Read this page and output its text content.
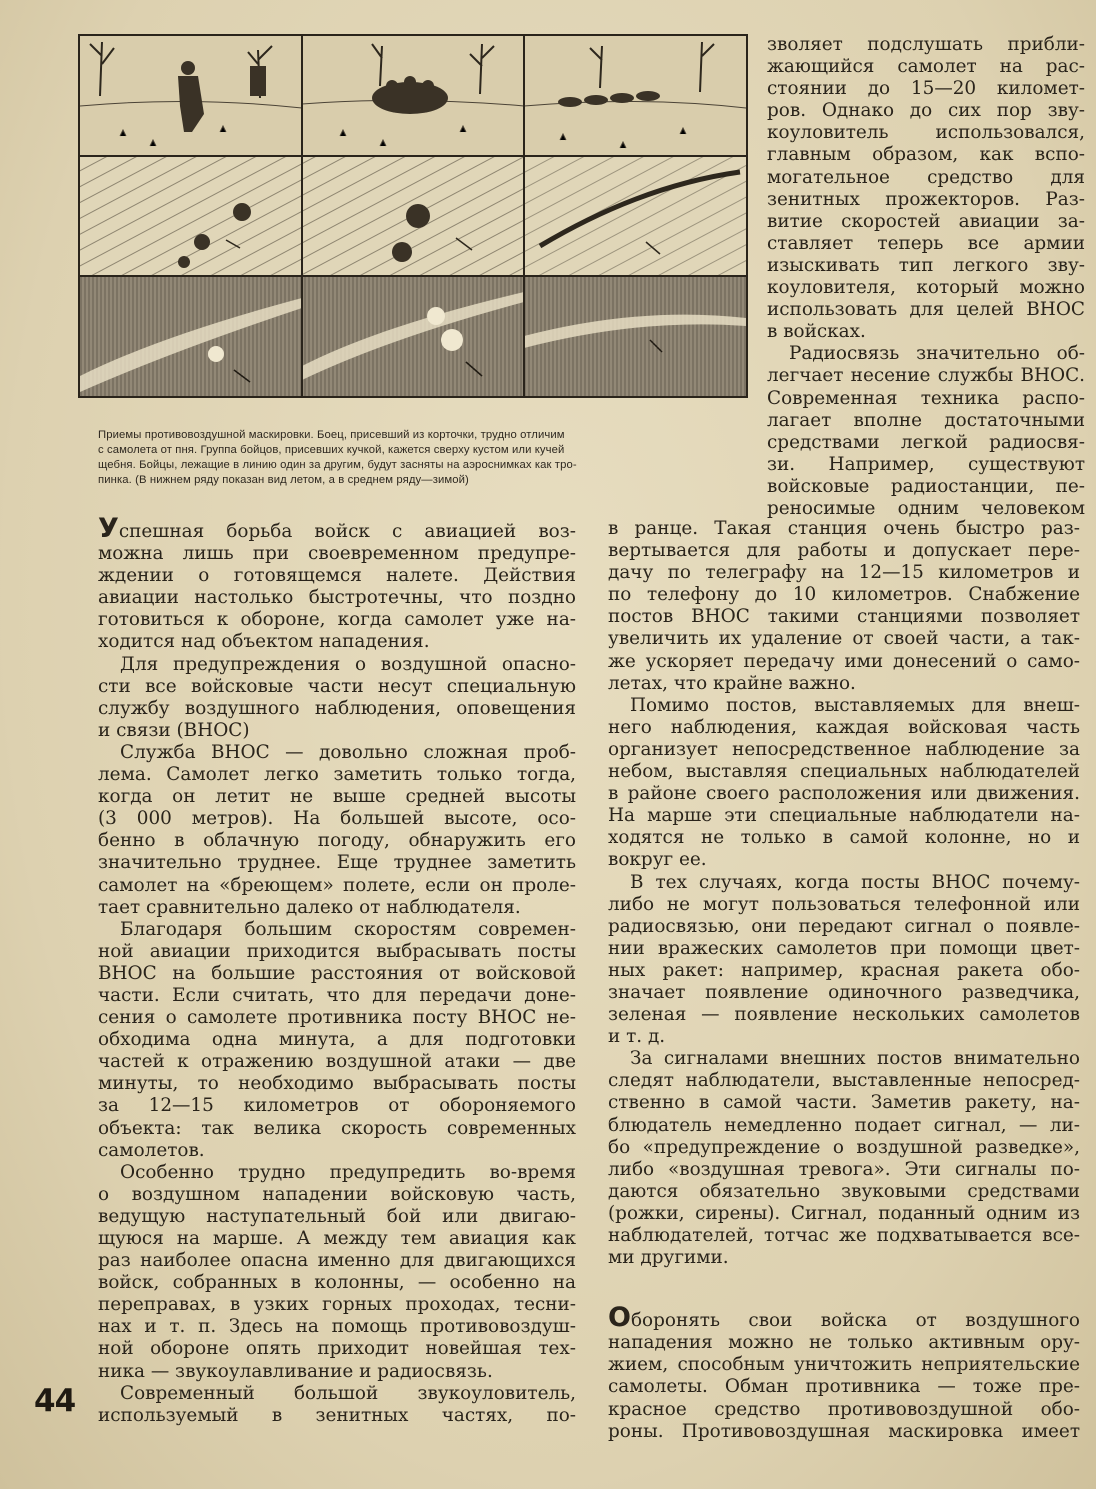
Приемы противовоздушной маскировки. Боец, присевший из корточки, трудно отличим
с самолета от пня. Группа бойцов, присевших кучкой, кажется сверху кустом или кучей
щебня. Бойцы, лежащие в линию один за другим, будут засняты на аэроснимках как тро-
пинка. (В нижнем ряду показан вид летом, а в среднем ряду—зимой)
зволяет подслушать прибли-
жающийся самолет на рас-
стоянии до 15—20 километ-
ров. Однако до сих пор зву-
коуловитель использовался,
главным образом, как вспо-
могательное средство для
зенитных прожекторов. Раз-
витие скоростей авиации за-
ставляет теперь все армии
изыскивать тип легкого зву-
коуловителя, который можно
использовать для целей ВНОС
в войсках.
Радиосвязь значительно об-
легчает несение службы ВНОС.
Современная техника распо-
лагает вполне достаточными
средствами легкой радиосвя-
зи. Например, существуют
войсковые радиостанции, пе-
реносимые одним человеком
Успешная борьба войск с авиацией воз-
можна лишь при своевременном предупре-
ждении о готовящемся налете. Действия
авиации настолько быстротечны, что поздно
готовиться к обороне, когда самолет уже на-
ходится над объектом нападения.
Для предупреждения о воздушной опасно-
сти все войсковые части несут специальную
службу воздушного наблюдения, оповещения
и связи (ВНОС)
Служба ВНОС — довольно сложная проб-
лема. Самолет легко заметить только тогда,
когда он летит не выше средней высоты
(3 000 метров). На большей высоте, осо-
бенно в облачную погоду, обнаружить его
значительно труднее. Еще труднее заметить
самолет на «брeющем» полете, если он проле-
тает сравнительно далеко от наблюдателя.
Благодаря большим скоростям современ-
ной авиации приходится выбрасывать посты
ВНОС на большие расстояния от войсковой
части. Если считать, что для передачи доне-
сения о самолете противника посту ВНОС не-
обходима одна минута, а для подготовки
частей к отражению воздушной атаки — две
минуты, то необходимо выбрасывать посты
за 12—15 километров от обороняемого
объекта: так велика скорость современных
самолетов.
Особенно трудно предупредить во-время
о воздушном нападении войсковую часть,
ведущую наступательный бой или двигаю-
щуюся на марше. А между тем авиация как
раз наиболее опасна именно для двигающихся
войск, собранных в колонны, — особенно на
переправах, в узких горных проходах, тесни-
нах и т. п. Здесь на помощь противовоздуш-
ной обороне опять приходит новейшая тех-
ника — звукоулавливание и радиосвязь.
Современный большой звукоуловитель,
используемый в зенитных частях, по-
в ранце. Такая станция очень быстро раз-
вертывается для работы и допускает пере-
дачу по телеграфу на 12—15 километров и
по телефону до 10 километров. Снабжение
постов ВНОС такими станциями позволяет
увеличить их удаление от своей части, а так-
же ускоряет передачу ими донесений о само-
летах, что крайне важно.
Помимо постов, выставляемых для внеш-
него наблюдения, каждая войсковая часть
организует непосредственное наблюдение за
небом, выставляя специальных наблюдателей
в районе своего расположения или движения.
На марше эти специальные наблюдатели на-
ходятся не только в самой колонне, но и
вокруг ее.
В тех случаях, когда посты ВНОС почему-
либо не могут пользоваться телефонной или
радиосвязью, они передают сигнал о появле-
нии вражеских самолетов при помощи цвет-
ных ракет: например, красная ракета обо-
значает появление одиночного разведчика,
зеленая — появление нескольких самолетов
и т. д.
За сигналами внешних постов внимательно
следят наблюдатели, выставленные непосред-
ственно в самой части. Заметив ракету, на-
блюдатель немедленно подает сигнал, — ли-
бо «предупреждение о воздушной разведке»,
либо «воздушная тревога». Эти сигналы по-
даются обязательно звуковыми средствами
(рожки, сирены). Сигнал, поданный одним из
наблюдателей, тотчас же подхватывается все-
ми другими.
Оборонять свои войска от воздушного
нападения можно не только активным ору-
жием, способным уничтожить неприятельские
самолеты. Обман противника — тоже пре-
красное средство противовоздушной обо-
роны. Противовоздушная маскировка имеет
44
